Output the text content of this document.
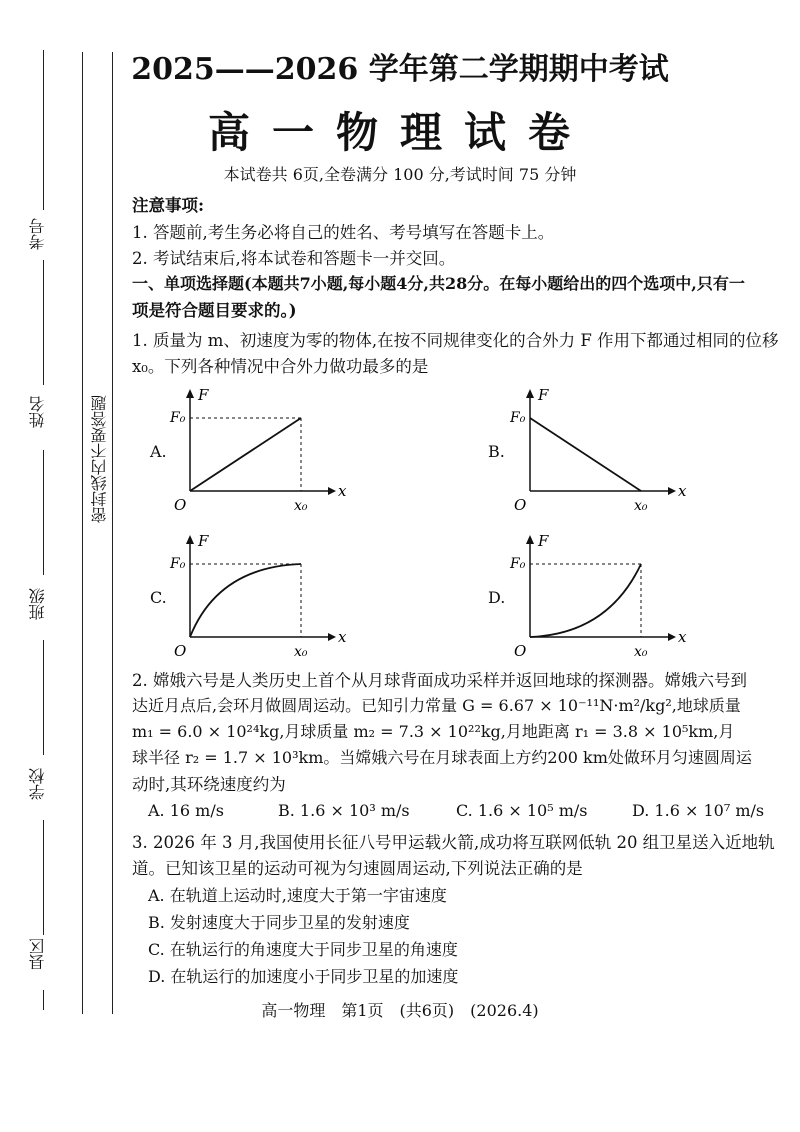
考号
姓名
班级
学校
县区
密封线内不要答题
2025——2026 学年第二学期期中考试
高一物理试卷
本试卷共 6页,全卷满分 100 分,考试时间 75 分钟
注意事项:
1. 答题前,考生务必将自己的姓名、考号填写在答题卡上。
2. 考试结束后,将本试卷和答题卡一并交回。
一、单项选择题(本题共7小题,每小题4分,共28分。在每小题给出的四个选项中,只有一
项是符合题目要求的。)
1. 质量为 m、初速度为零的物体,在按不同规律变化的合外力 F 作用下都通过相同的位移
x₀。下列各种情况中合外力做功最多的是
A.	B.
C.	D.
F
x
O
F₀
x₀
F
x
O
F₀
x₀
F
x
O
F₀
x₀
F
x
O
F₀
x₀
2. 嫦娥六号是人类历史上首个从月球背面成功采样并返回地球的探测器。嫦娥六号到
达近月点后,会环月做圆周运动。已知引力常量 G = 6.67 × 10⁻¹¹N·m²/kg²,地球质量
m₁ = 6.0 × 10²⁴kg,月球质量 m₂ = 7.3 × 10²²kg,月地距离 r₁ = 3.8 × 10⁵km,月
球半径 r₂ = 1.7 × 10³km。当嫦娥六号在月球表面上方约200 km处做环月匀速圆周运
动时,其环绕速度约为
A. 16 m/s	B. 1.6 × 10³ m/s	C. 1.6 × 10⁵ m/s	D. 1.6 × 10⁷ m/s
3. 2026 年 3 月,我国使用长征八号甲运载火箭,成功将互联网低轨 20 组卫星送入近地轨
道。已知该卫星的运动可视为匀速圆周运动,下列说法正确的是
A. 在轨道上运动时,速度大于第一宇宙速度
B. 发射速度大于同步卫星的发射速度
C. 在轨运行的角速度大于同步卫星的角速度
D. 在轨运行的加速度小于同步卫星的加速度
高一物理　第1页　(共6页)　(2026.4)
